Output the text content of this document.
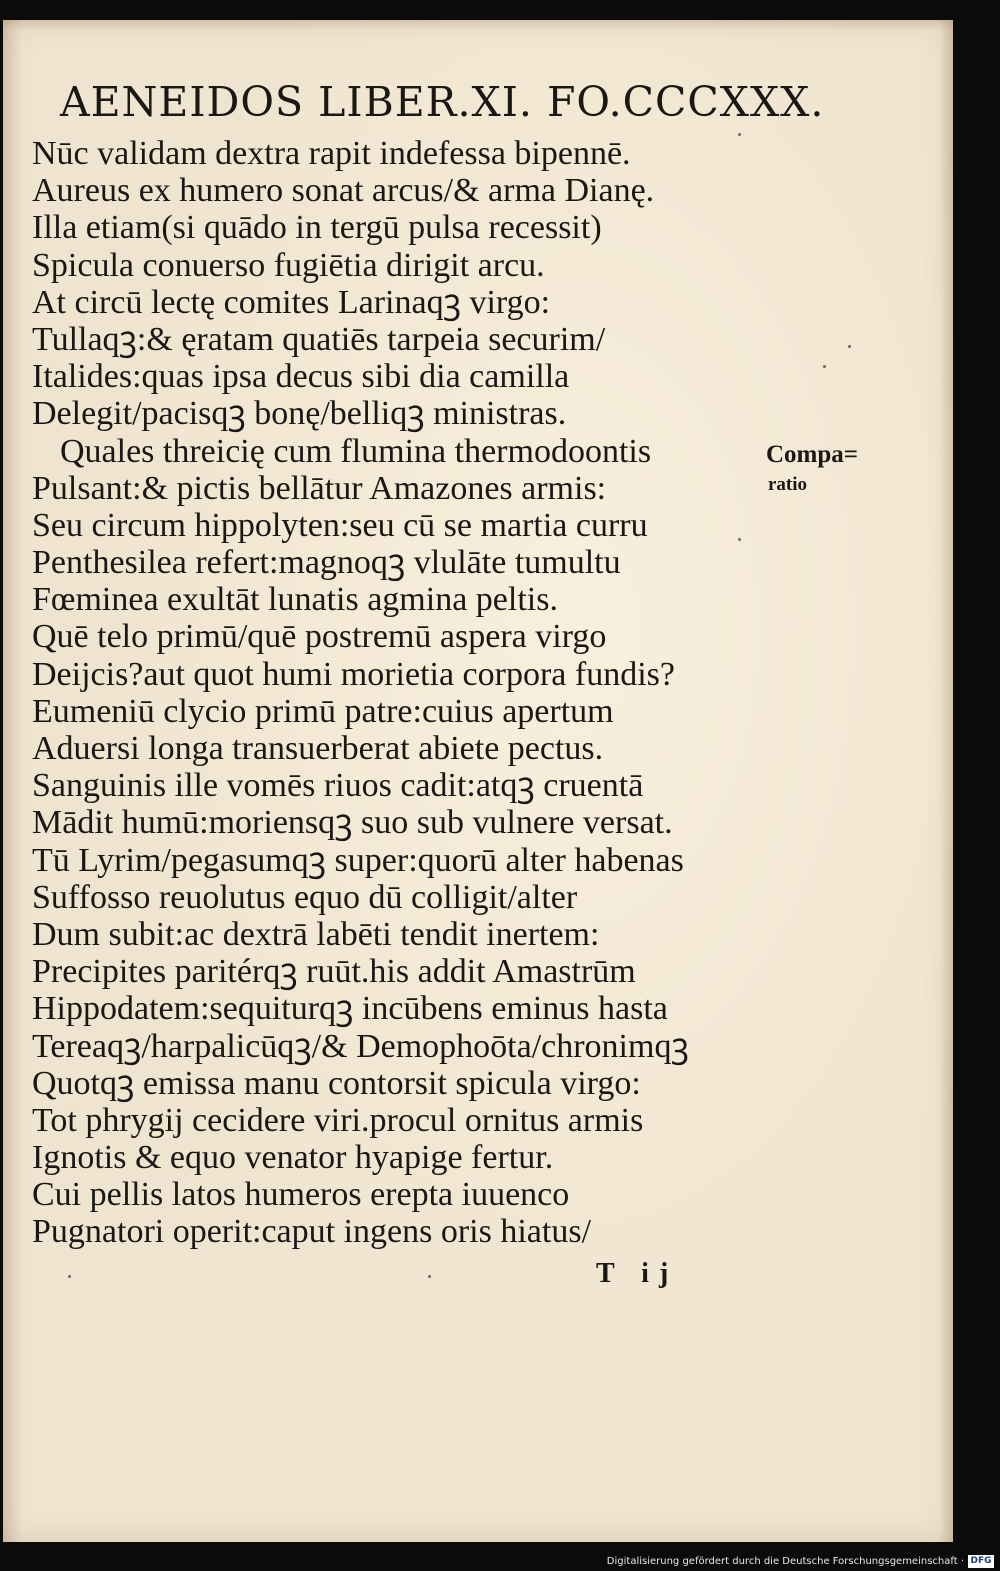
AENEIDOS LIBER.XI. FO.CCCXXX.
Nūc validam dextra rapit indefessa bipennē.
Aureus ex humero sonat arcus/& arma Dianę.
Illa etiam(si quādo in tergū pulsa recessit)
Spicula conuerso fugiētia dirigit arcu.
At circū lectę comites Larinaqꝫ virgo:
Tullaqꝫ:& ęratam quatiēs tarpeia securim/
Italides:quas ipsa decus sibi dia camilla
Delegit/pacisqꝫ bonę/belliqꝫ ministras.
Quales threicię cum flumina thermodoontis
Pulsant:& pictis bellātur Amazones armis:
Seu circum hippolyten:seu cū se martia curru
Penthesilea refert:magnoqꝫ vlulāte tumultu
Fœminea exultāt lunatis agmina peltis.
Quē telo primū/quē postremū aspera virgo
Deijcis?aut quot humi morietia corpora fundis?
Eumeniū clycio primū patre:cuius apertum
Aduersi longa transuerberat abiete pectus.
Sanguinis ille vomēs riuos cadit:atqꝫ cruentā
Mādit humū:moriensqꝫ suo sub vulnere versat.
Tū Lyrim/pegasumqꝫ super:quorū alter habenas
Suffosso reuolutus equo dū colligit/alter
Dum subit:ac dextrā labēti tendit inertem:
Precipites paritérqꝫ ruūt.his addit Amastrūm
Hippodatem:sequiturqꝫ incūbens eminus hasta
Tereaqꝫ/harpalicūqꝫ/& Demophoōta/chronimqꝫ
Quotqꝫ emissa manu contorsit spicula virgo:
Tot phrygij cecidere viri.procul ornitus armis
Ignotis & equo venator hyapige fertur.
Cui pellis latos humeros erepta iuuenco
Pugnatori operit:caput ingens oris hiatus/
Compa=
ratio
T ij
Digitalisierung gefördert durch die Deutsche Forschungsgemeinschaft · DFG
